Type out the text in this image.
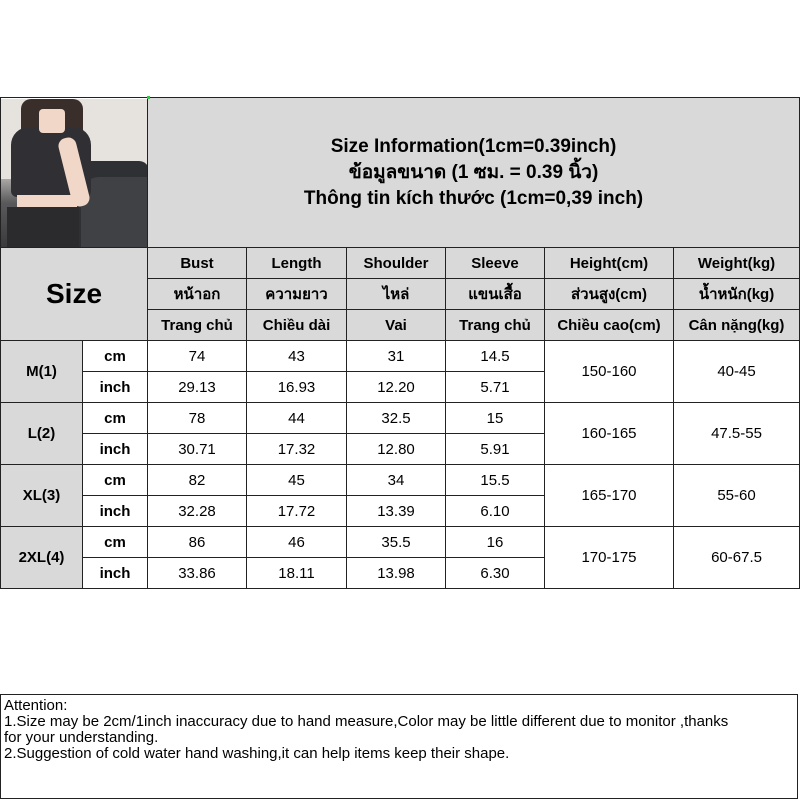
		Size Information(1cm=0.39inch)
ข้อมูลขนาด (1 ซม. = 0.39 นิ้ว)
Thông tin kích thước (1cm=0,39 inch)					

Size		Bust	Length	Shoulder	Sleeve	Height(cm)	Weight(kg)
		หน้าอก	ความยาว	ไหล่	แขนเสื้อ	ส่วนสูง(cm)	น้ำหนัก(kg)
		Trang chủ	Chiều dài	Vai	Trang chủ	Chiều cao(cm)	Cân nặng(kg)
M(1)	cm	74	43	31	14.5	150-160	40-45
	inch	29.13	16.93	12.20	5.71		
L(2)	cm	78	44	32.5	15	160-165	47.5-55
	inch	30.71	17.32	12.80	5.91		
XL(3)	cm	82	45	34	15.5	165-170	55-60
	inch	32.28	17.72	13.39	6.10		
2XL(4)	cm	86	46	35.5	16	170-175	60-67.5
	inch	33.86	18.11	13.98	6.30		
Attention:
1.Size may be 2cm/1inch inaccuracy due to hand measure,Color may be little different due to monitor ,thanks
for your understanding.
2.Suggestion of cold water hand washing,it can help items keep their shape.
